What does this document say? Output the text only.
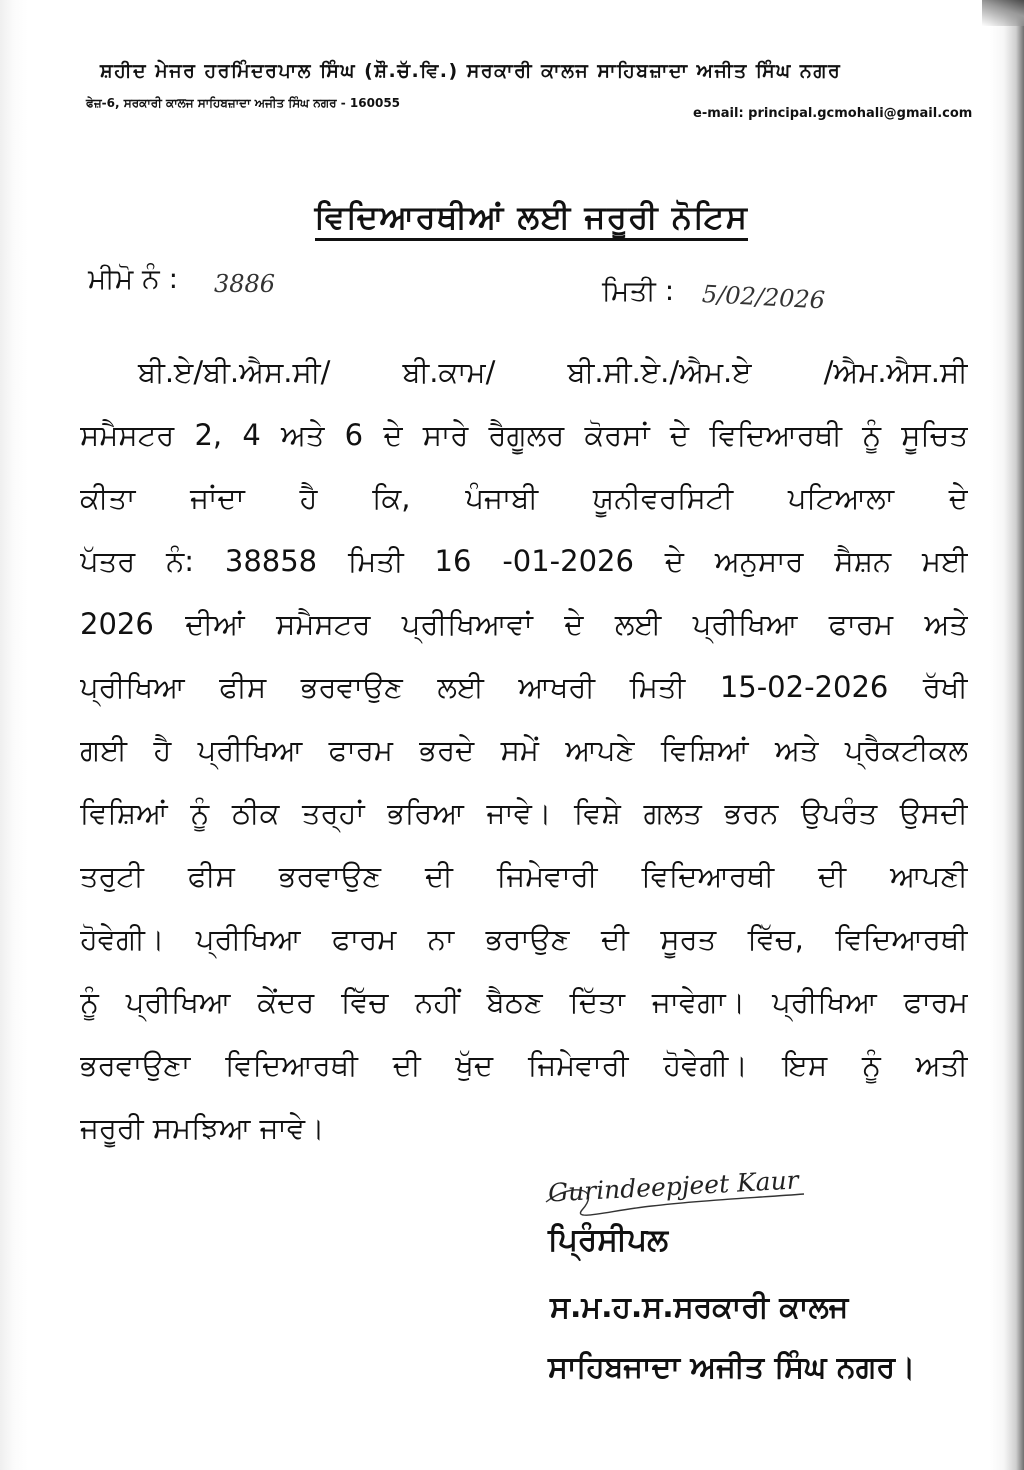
ਸ਼ਹੀਦ ਮੇਜਰ ਹਰਮਿੰਦਰਪਾਲ ਸਿੰਘ (ਸ਼ੌ.ਚੱ.ਵਿ.) ਸਰਕਾਰੀ ਕਾਲਜ ਸਾਹਿਬਜ਼ਾਦਾ ਅਜੀਤ ਸਿੰਘ ਨਗਰ
ਫੇਜ਼-6, ਸਰਕਾਰੀ ਕਾਲਜ ਸਾਹਿਬਜ਼ਾਦਾ ਅਜੀਤ ਸਿੰਘ ਨਗਰ - 160055
e-mail: principal.gcmohali@gmail.com
ਵਿਦਿਆਰਥੀਆਂ ਲਈ ਜਰੂਰੀ ਨੋਟਿਸ
ਮੀਮੋ ਨੰ : 3886	ਮਿਤੀ : 5/02/2026
ਬੀ.ਏ/ਬੀ.ਐਸ.ਸੀ/ ਬੀ.ਕਾਮ/ ਬੀ.ਸੀ.ਏ./ਐਮ.ਏ /ਐਮ.ਐਸ.ਸੀ
ਸਮੈਸਟਰ 2, 4 ਅਤੇ 6 ਦੇ ਸਾਰੇ ਰੈਗੂਲਰ ਕੋਰਸਾਂ ਦੇ ਵਿਦਿਆਰਥੀ ਨੂੰ ਸੂਚਿਤ
ਕੀਤਾ ਜਾਂਦਾ ਹੈ ਕਿ, ਪੰਜਾਬੀ ਯੂਨੀਵਰਸਿਟੀ ਪਟਿਆਲਾ ਦੇ
ਪੱਤਰ ਨੰ: 38858 ਮਿਤੀ 16 -01-2026 ਦੇ ਅਨੁਸਾਰ ਸੈਸ਼ਨ ਮਈ
2026 ਦੀਆਂ ਸਮੈਸਟਰ ਪ੍ਰੀਖਿਆਵਾਂ ਦੇ ਲਈ ਪ੍ਰੀਖਿਆ ਫਾਰਮ ਅਤੇ
ਪ੍ਰੀਖਿਆ ਫੀਸ ਭਰਵਾਉਣ ਲਈ ਆਖਰੀ ਮਿਤੀ 15-02-2026 ਰੱਖੀ
ਗਈ ਹੈ ਪ੍ਰੀਖਿਆ ਫਾਰਮ ਭਰਦੇ ਸਮੇਂ ਆਪਣੇ ਵਿਸ਼ਿਆਂ ਅਤੇ ਪ੍ਰੈਕਟੀਕਲ
ਵਿਸ਼ਿਆਂ ਨੂੰ ਠੀਕ ਤਰ੍ਹਾਂ ਭਰਿਆ ਜਾਵੇ। ਵਿਸ਼ੇ ਗਲਤ ਭਰਨ ਉਪਰੰਤ ਉਸਦੀ
ਤਰੁਟੀ ਫੀਸ ਭਰਵਾਉਣ ਦੀ ਜਿਮੇਵਾਰੀ ਵਿਦਿਆਰਥੀ ਦੀ ਆਪਣੀ
ਹੋਵੇਗੀ। ਪ੍ਰੀਖਿਆ ਫਾਰਮ ਨਾ ਭਰਾਉਣ ਦੀ ਸੂਰਤ ਵਿੱਚ, ਵਿਦਿਆਰਥੀ
ਨੂੰ ਪ੍ਰੀਖਿਆ ਕੇਂਦਰ ਵਿੱਚ ਨਹੀਂ ਬੈਠਣ ਦਿੱਤਾ ਜਾਵੇਗਾ। ਪ੍ਰੀਖਿਆ ਫਾਰਮ
ਭਰਵਾਉਣਾ ਵਿਦਿਆਰਥੀ ਦੀ ਖੁੱਦ ਜਿਮੇਵਾਰੀ ਹੋਵੇਗੀ। ਇਸ ਨੂੰ ਅਤੀ
ਜਰੂਰੀ ਸਮਝਿਆ ਜਾਵੇ।
Gurindeepjeet Kaur
ਪ੍ਰਿੰਸੀਪਲ
ਸ.ਮ.ਹ.ਸ.ਸਰਕਾਰੀ ਕਾਲਜ
ਸਾਹਿਬਜਾਦਾ ਅਜੀਤ ਸਿੰਘ ਨਗਰ।
